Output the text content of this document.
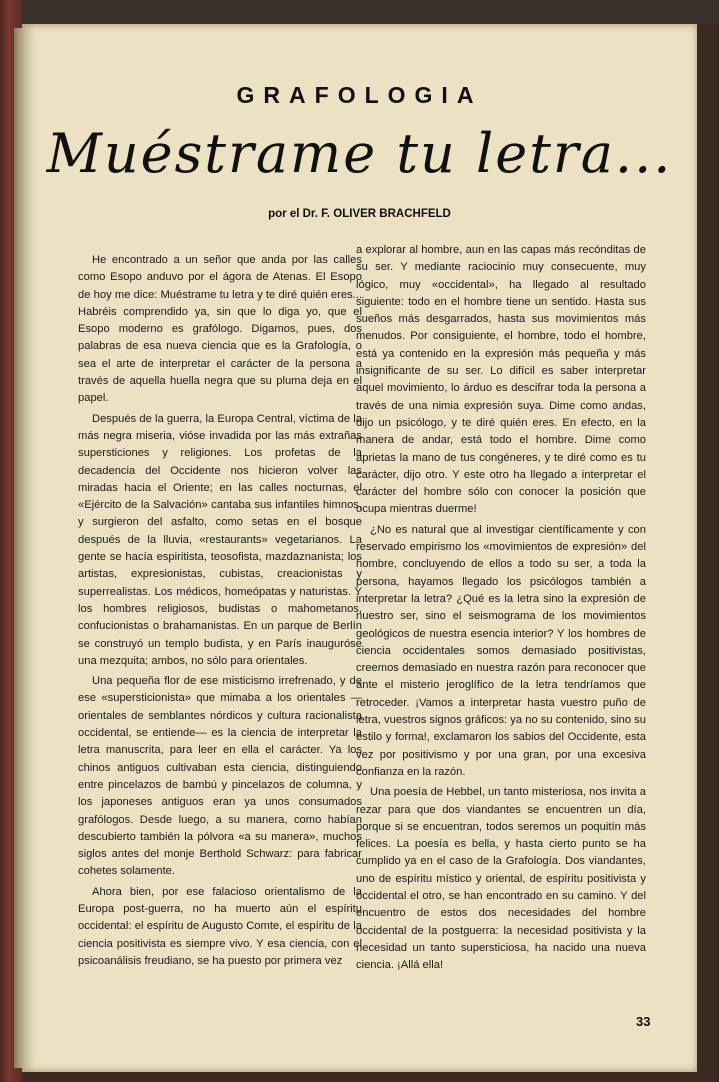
GRAFOLOGIA
Muéstrame tu letra...
por el Dr. F. OLIVER BRACHFELD

He encontrado a un señor que anda por las calles como Esopo anduvo por el ágora de Atenas. El Esopo de hoy me dice: Muéstrame tu letra y te diré quién eres... Habréis comprendido ya, sin que lo diga yo, que el Esopo moderno es grafólogo. Digamos, pues, dos palabras de esa nueva ciencia que es la Grafología, o sea el arte de interpretar el carácter de la persona a través de aquella huella negra que su pluma deja en el papel.

Después de la guerra, la Europa Central, víctima de la más negra miseria, vióse invadida por las más extrañas supersticiones y religiones. Los profetas de la decadencia del Occidente nos hicieron volver las miradas hacia el Oriente; en las calles nocturnas, el «Ejército de la Salvación» cantaba sus infantiles himnos, y surgieron del asfalto, como setas en el bosque después de la lluvia, «restaurants» vegetarianos. La gente se hacía espiritista, teosofista, mazdaznanista; los artistas, expresionistas, cubistas, creacionistas y superrealistas. Los médicos, homeópatas y naturistas. Y los hombres religiosos, budistas o mahometanos, confucionistas o brahamanistas. En un parque de Berlín se construyó un templo budista, y en París inauguróse una mezquita; ambos, no sólo para orientales.

Una pequeña flor de ese misticismo irrefrenado, y de ese «supersticionista» que mimaba a los orientales —orientales de semblantes nórdicos y cultura racionalista occidental, se entiende— es la ciencia de interpretar la letra manuscrita, para leer en ella el carácter. Ya los chinos antiguos cultivaban esta ciencia, distinguiendo entre pincelazos de bambú y pincelazos de columna, y los japoneses antiguos eran ya unos consumados grafólogos. Desde luego, a su manera, como habían descubierto también la pólvora «a su manera», muchos siglos antes del monje Berthold Schwarz: para fabricar cohetes solamente.

Ahora bien, por ese falacioso orientalismo de la Europa post-guerra, no ha muerto aún el espíritu occidental: el espíritu de Augusto Comte, el espíritu de la ciencia positivista es siempre vivo. Y esa ciencia, con el psicoanálisis freudiano, se ha puesto por primera vez

a explorar al hombre, aun en las capas más recónditas de su ser. Y mediante raciocinio muy consecuente, muy lógico, muy «occidental», ha llegado al resultado siguiente: todo en el hombre tiene un sentido. Hasta sus sueños más desgarrados, hasta sus movimientos más menudos. Por consiguiente, el hombre, todo el hombre, está ya contenido en la expresión más pequeña y más insignificante de su ser. Lo difícil es saber interpretar aquel movimiento, lo árduo es descifrar toda la persona a través de una nimia expresión suya. Dime como andas, dijo un psicólogo, y te diré quién eres. En efecto, en la manera de andar, está todo el hombre. Dime como aprietas la mano de tus congéneres, y te diré como es tu carácter, dijo otro. Y este otro ha llegado a interpretar el carácter del hombre sólo con conocer la posición que ocupa mientras duerme!

¿No es natural que al investigar científicamente y con reservado empirismo los «movimientos de expresión» del hombre, concluyendo de ellos a todo su ser, a toda la persona, hayamos llegado los psicólogos también a interpretar la letra? ¿Qué es la letra sino la expresión de nuestro ser, sino el seismograma de los movimientos geológicos de nuestra esencia interior? Y los hombres de ciencia occidentales somos demasiado positivistas, creemos demasiado en nuestra razón para reconocer que ante el misterio jeroglífico de la letra tendríamos que retroceder. ¡Vamos a interpretar hasta vuestro puño de letra, vuestros signos gráficos: ya no su contenido, sino su estilo y forma!, exclamaron los sabios del Occidente, esta vez por positivismo y por una gran, por una excesiva confianza en la razón.

Una poesía de Hebbel, un tanto misteriosa, nos invita a rezar para que dos viandantes se encuentren un día, porque si se encuentran, todos seremos un poquitín más felices. La poesía es bella, y hasta cierto punto se ha cumplido ya en el caso de la Grafología. Dos viandantes, uno de espíritu místico y oriental, de espíritu positivista y occidental el otro, se han encontrado en su camino. Y del encuentro de estos dos necesidades del hombre occidental de la postguerra: la necesidad positivista y la necesidad un tanto supersticiosa, ha nacido una nueva ciencia. ¡Allá ella!

33
